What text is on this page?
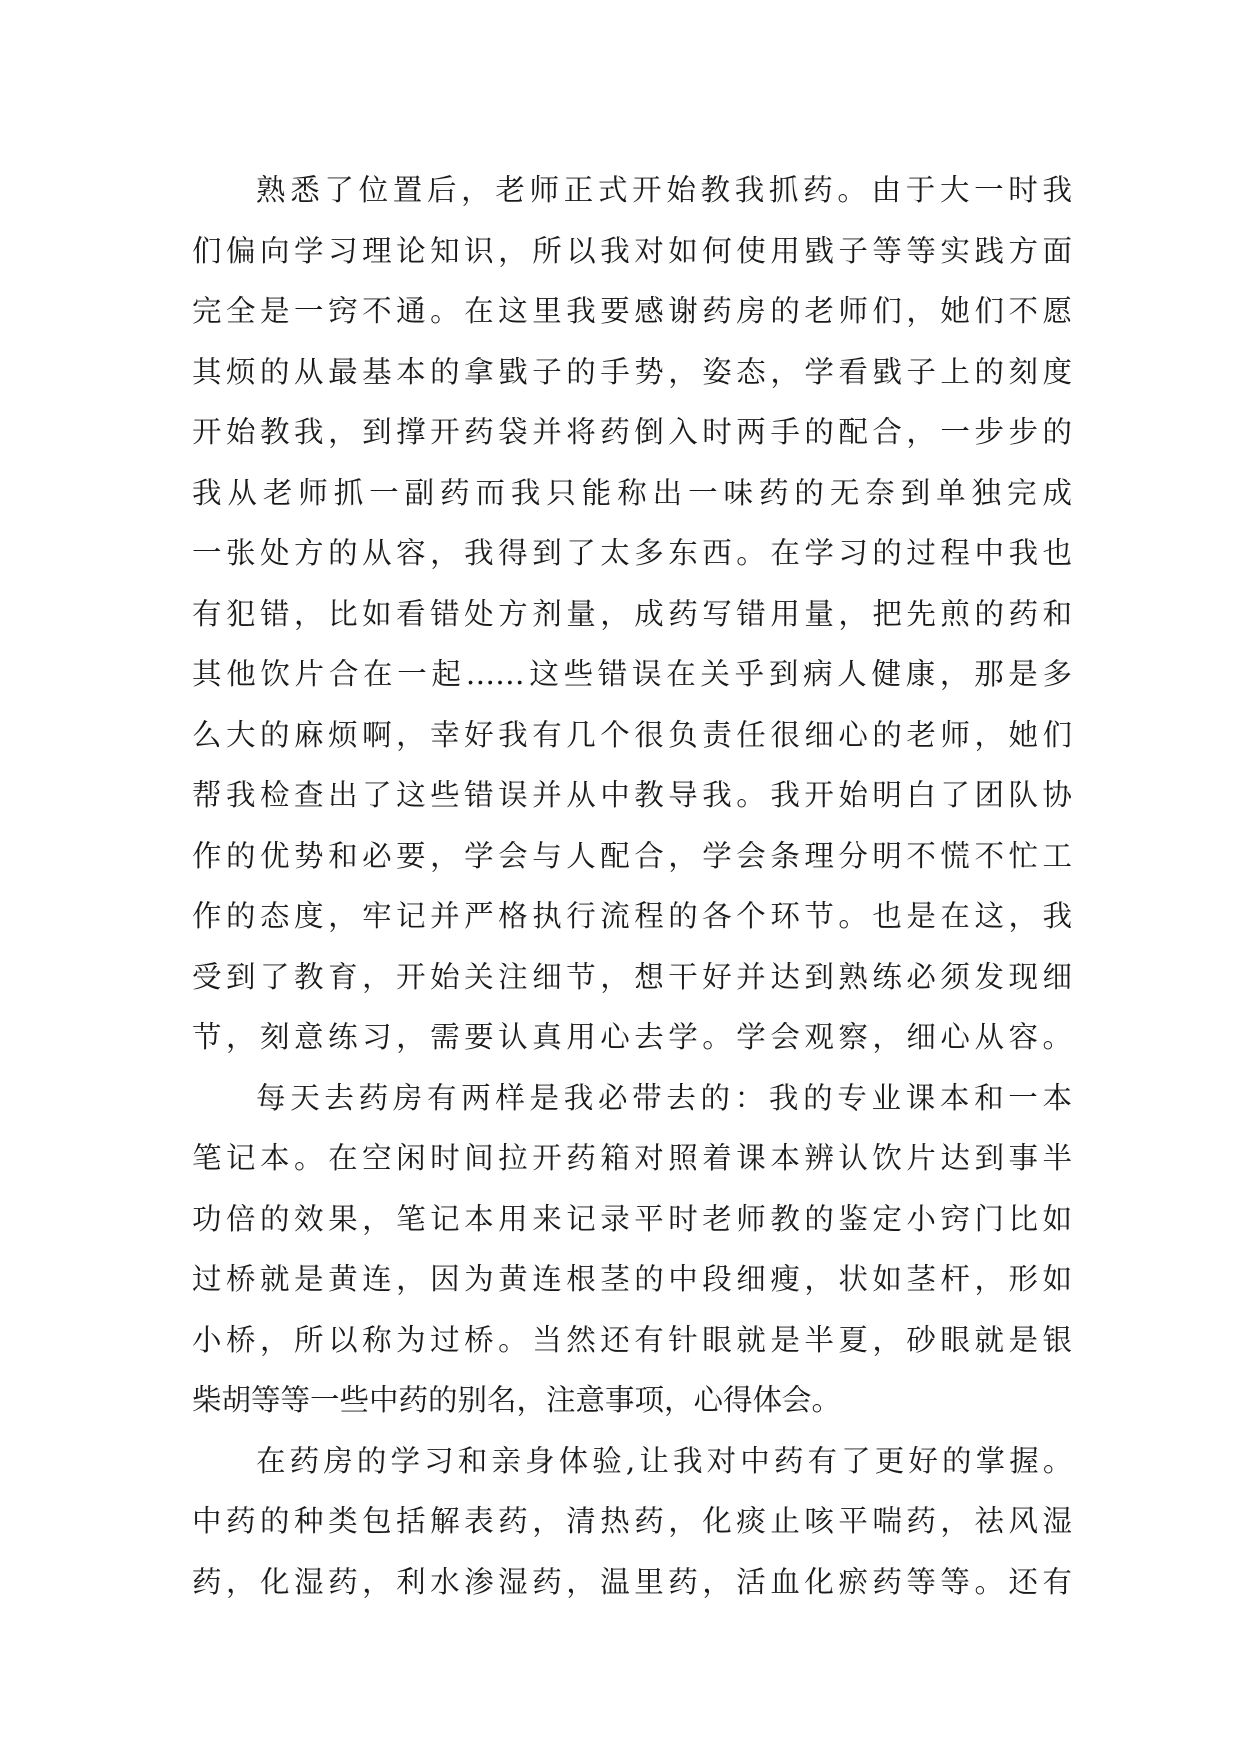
熟悉了位置后，老师正式开始教我抓药。由于大一时我
们偏向学习理论知识，所以我对如何使用戥子等等实践方面
完全是一窍不通。在这里我要感谢药房的老师们，她们不愿
其烦的从最基本的拿戥子的手势，姿态，学看戥子上的刻度
开始教我，到撑开药袋并将药倒入时两手的配合，一步步的
我从老师抓一副药而我只能称出一味药的无奈到单独完成
一张处方的从容，我得到了太多东西。在学习的过程中我也
有犯错，比如看错处方剂量，成药写错用量，把先煎的药和
其他饮片合在一起……这些错误在关乎到病人健康，那是多
么大的麻烦啊，幸好我有几个很负责任很细心的老师，她们
帮我检查出了这些错误并从中教导我。我开始明白了团队协
作的优势和必要，学会与人配合，学会条理分明不慌不忙工
作的态度，牢记并严格执行流程的各个环节。也是在这，我
受到了教育，开始关注细节，想干好并达到熟练必须发现细
节，刻意练习，需要认真用心去学。学会观察，细心从容。
每天去药房有两样是我必带去的：我的专业课本和一本
笔记本。在空闲时间拉开药箱对照着课本辨认饮片达到事半
功倍的效果，笔记本用来记录平时老师教的鉴定小窍门比如
过桥就是黄连，因为黄连根茎的中段细瘦，状如茎杆，形如
小桥，所以称为过桥。当然还有针眼就是半夏，砂眼就是银
柴胡等等一些中药的别名，注意事项，心得体会。
在药房的学习和亲身体验,让我对中药有了更好的掌握。
中药的种类包括解表药，清热药，化痰止咳平喘药，祛风湿
药，化湿药，利水渗湿药，温里药，活血化瘀药等等。还有
